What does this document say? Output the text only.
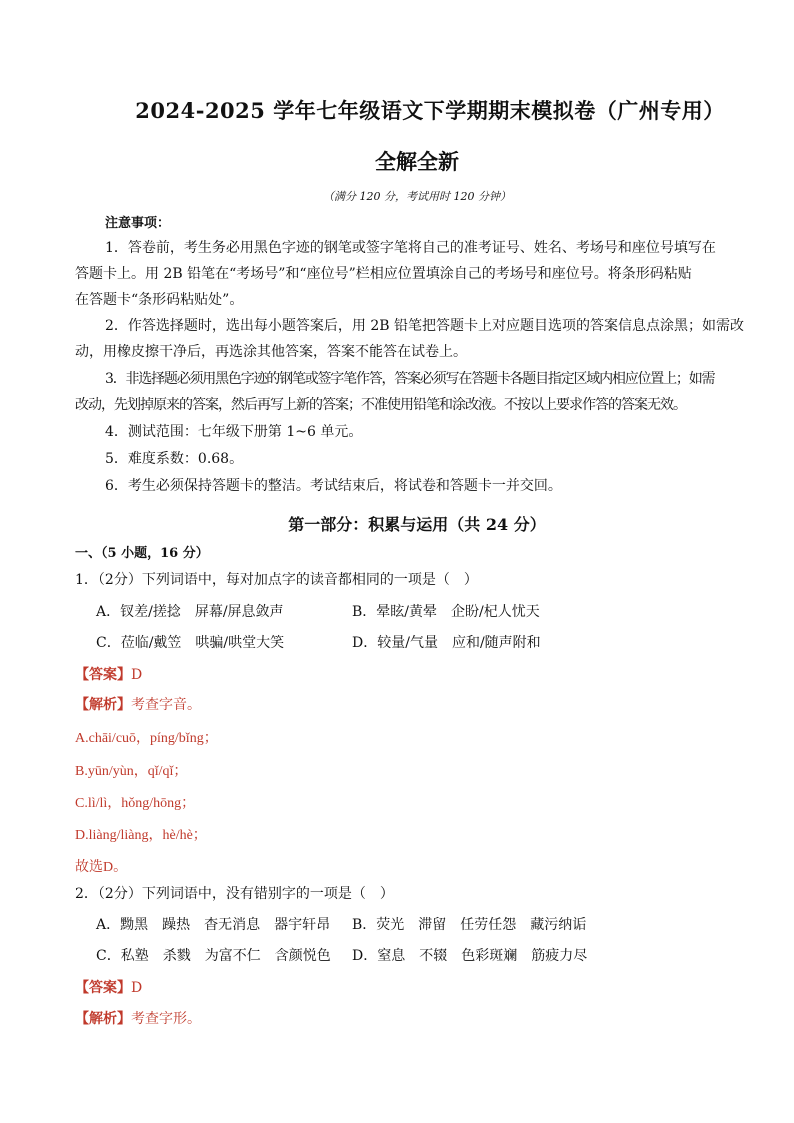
2024-2025 学年七年级语文下学期期末模拟卷（广州专用）
全解全新
（满分 120 分，考试用时 120 分钟）
注意事项：
1．答卷前，考生务必用黑色字迹的钢笔或签字笔将自己的准考证号、姓名、考场号和座位号填写在
答题卡上。用 2B 铅笔在“考场号”和“座位号”栏相应位置填涂自己的考场号和座位号。将条形码粘贴
在答题卡“条形码粘贴处”。
2．作答选择题时，选出每小题答案后，用 2B 铅笔把答题卡上对应题目选项的答案信息点涂黑；如需改
动，用橡皮擦干净后，再选涂其他答案，答案不能答在试卷上。
3．非选择题必须用黑色字迹的钢笔或签字笔作答，答案必须写在答题卡各题目指定区域内相应位置上；如需
改动，先划掉原来的答案，然后再写上新的答案；不准使用铅笔和涂改液。不按以上要求作答的答案无效。
4．测试范围：七年级下册第 1~6 单元。
5．难度系数：0.68。
6．考生必须保持答题卡的整洁。考试结束后，将试卷和答题卡一并交回。
第一部分：积累与运用（共 24 分）
一、（5 小题，16 分）
1．（2分）下列词语中，每对加点字的读音都相同的一项是（　）
A．钗差/搓捻　屏幕/屏息敛声	B．晕眩/黄晕　企盼/杞人忧天
C．莅临/戴笠　哄骗/哄堂大笑	D．较量/气量　应和/随声附和
【答案】D
【解析】考查字音。
A.chāi/cuō，píng/bǐng；
B.yūn/yùn，qǐ/qǐ；
C.lì/lì，hǒng/hōng；
D.liàng/liàng，hè/hè；
故选D。
2．（2分）下列词语中，没有错别字的一项是（　）
A．黝黑　躁热　杳无消息　器宇轩昂 B．荧光　滞留　任劳任怨　藏污纳诟
C．私塾　杀戮　为富不仁　含颜悦色 D．窒息　不辍　色彩斑斓　筋疲力尽
【答案】D
【解析】考查字形。
